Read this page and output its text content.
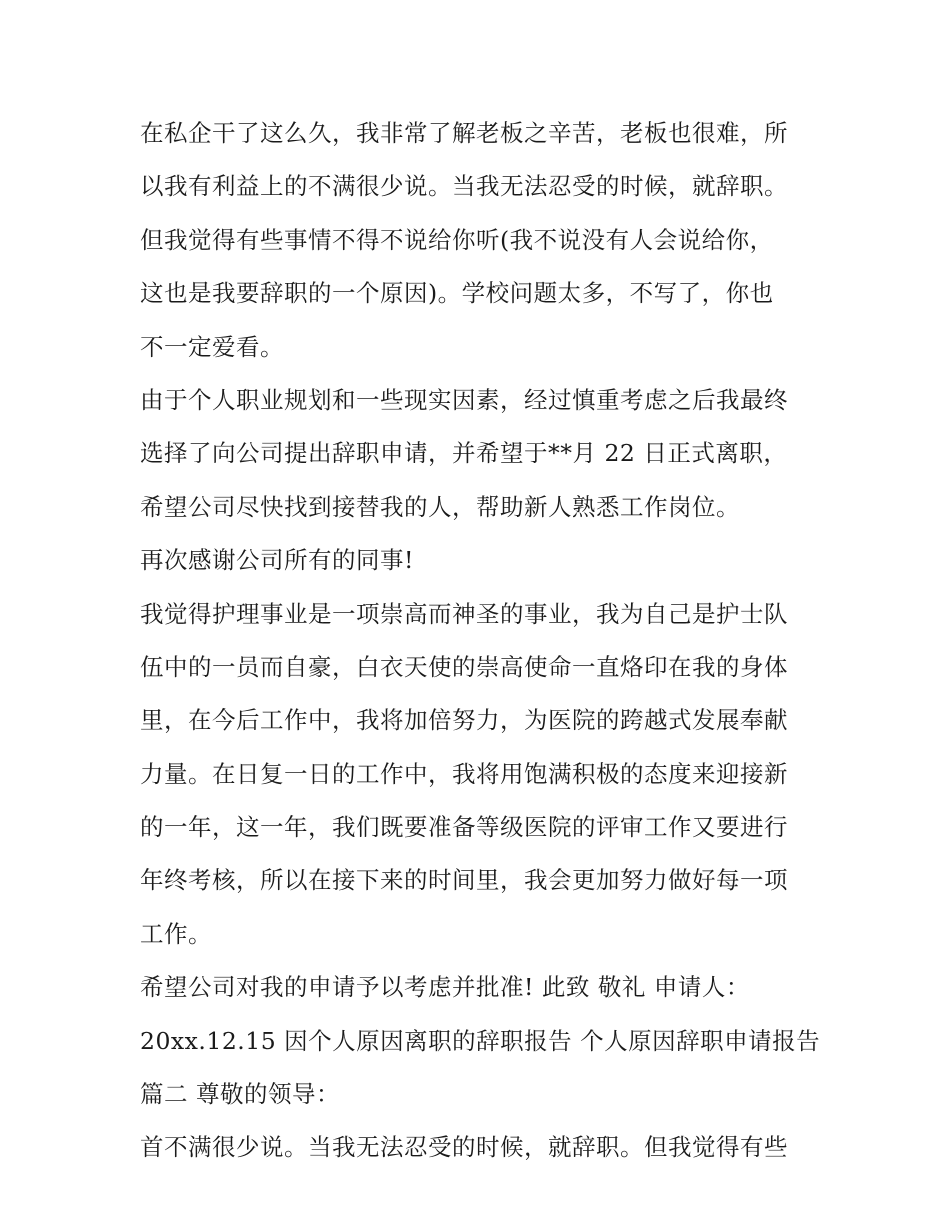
在私企干了这么久，我非常了解老板之辛苦，老板也很难，所
以我有利益上的不满很少说。当我无法忍受的时候，就辞职。
但我觉得有些事情不得不说给你听(我不说没有人会说给你，
这也是我要辞职的一个原因)。学校问题太多，不写了，你也
不一定爱看。
由于个人职业规划和一些现实因素，经过慎重考虑之后我最终
选择了向公司提出辞职申请，并希望于**月 22 日正式离职，
希望公司尽快找到接替我的人，帮助新人熟悉工作岗位。
再次感谢公司所有的同事!
我觉得护理事业是一项崇高而神圣的事业，我为自己是护士队
伍中的一员而自豪，白衣天使的崇高使命一直烙印在我的身体
里，在今后工作中，我将加倍努力，为医院的跨越式发展奉献
力量。在日复一日的工作中，我将用饱满积极的态度来迎接新
的一年，这一年，我们既要准备等级医院的评审工作又要进行
年终考核，所以在接下来的时间里，我会更加努力做好每一项
工作。
希望公司对我的申请予以考虑并批准! 此致 敬礼 申请人：
20xx.12.15 因个人原因离职的辞职报告 个人原因辞职申请报告
篇二 尊敬的领导：
首不满很少说。当我无法忍受的时候，就辞职。但我觉得有些
